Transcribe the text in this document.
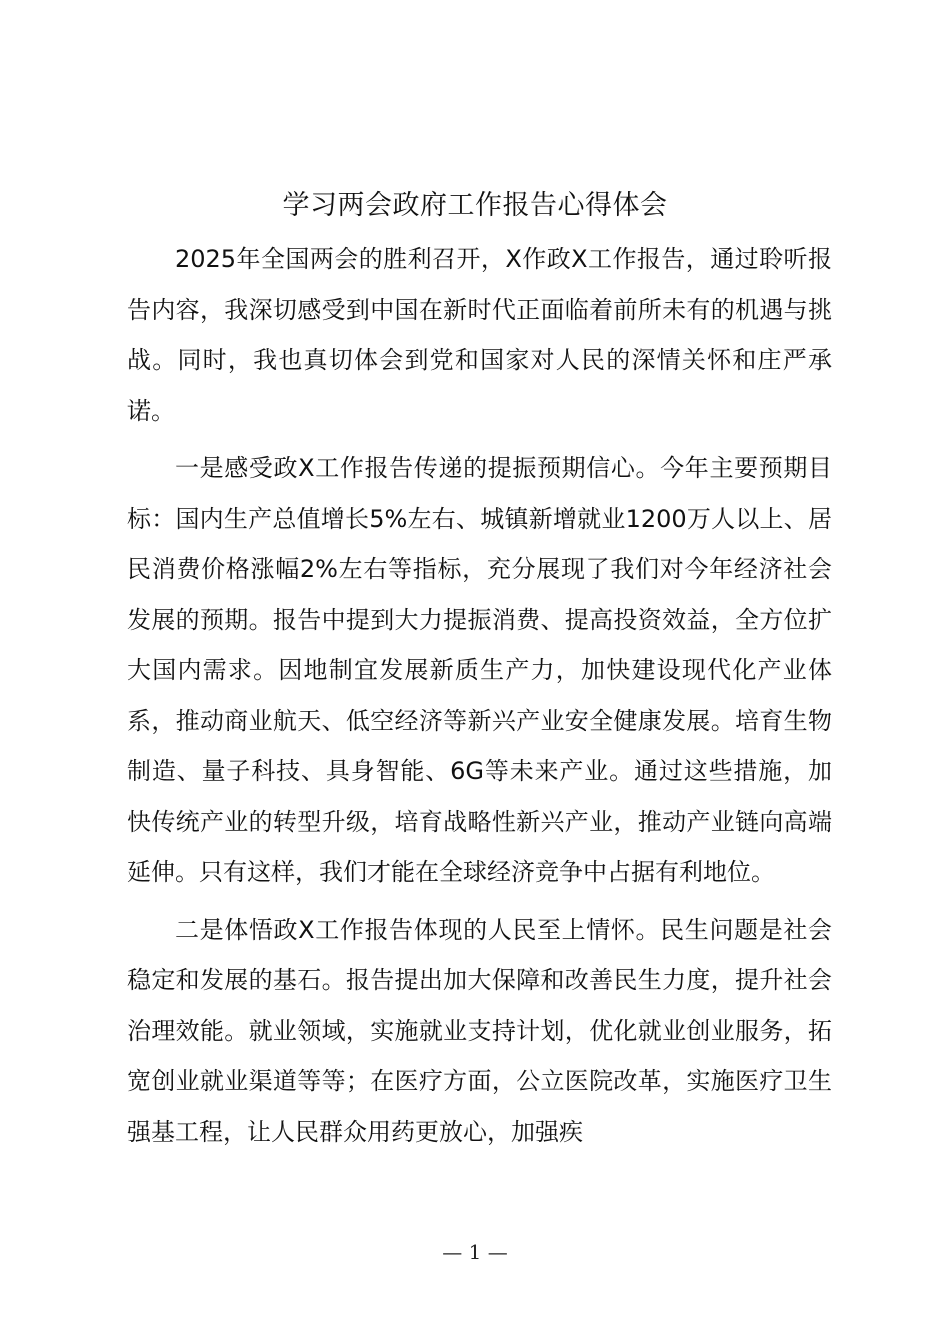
学习两会政府工作报告心得体会

2025年全国两会的胜利召开，X作政X工作报告，通过聆听报告内容，我深切感受到中国在新时代正面临着前所未有的机遇与挑战。同时，我也真切体会到党和国家对人民的深情关怀和庄严承诺。

一是感受政X工作报告传递的提振预期信心。今年主要预期目标：国内生产总值增长5%左右、城镇新增就业1200万人以上、居民消费价格涨幅2%左右等指标，充分展现了我们对今年经济社会发展的预期。报告中提到大力提振消费、提高投资效益，全方位扩大国内需求。因地制宜发展新质生产力，加快建设现代化产业体系，推动商业航天、低空经济等新兴产业安全健康发展。培育生物制造、量子科技、具身智能、6G等未来产业。通过这些措施，加快传统产业的转型升级，培育战略性新兴产业，推动产业链向高端延伸。只有这样，我们才能在全球经济竞争中占据有利地位。

二是体悟政X工作报告体现的人民至上情怀。民生问题是社会稳定和发展的基石。报告提出加大保障和改善民生力度，提升社会治理效能。就业领域，实施就业支持计划，优化就业创业服务，拓宽创业就业渠道等等；在医疗方面，公立医院改革，实施医疗卫生强基工程，让人民群众用药更放心，加强疾

— 1 —
